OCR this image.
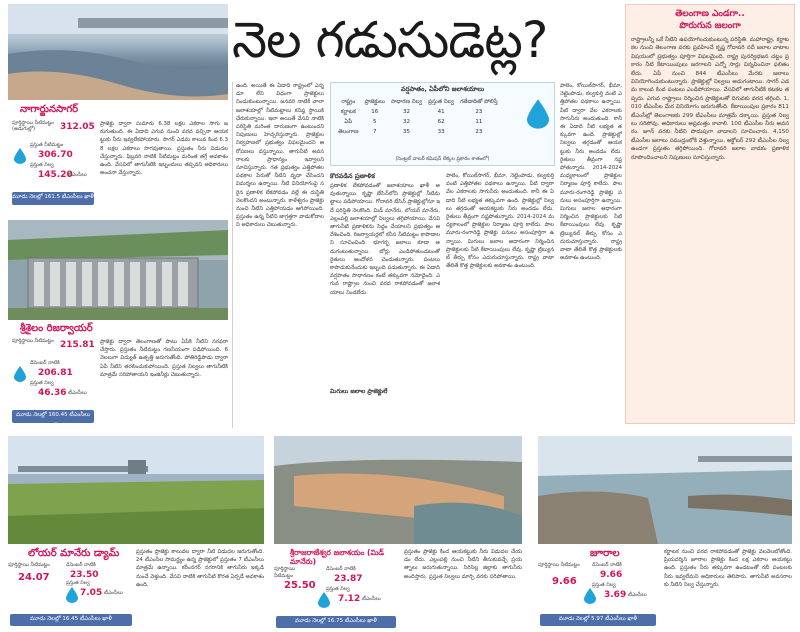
నెల గడుసుడెట్ల?	తెలంగాణ ఎండగా..
పొరుగున జలంగా
రాష్ట్రాలన్నీ ఒకే నీటిని ఉపయోగించుకుంటున్న పరిస్థితి. మహారాష్ట్ర, కర్ణాటకల నుంచి తెలంగాణ వరకు ప్రవహించే కృష్ణ గోదావరి నదీ జలాల వాటాల విషయంలో ప్రభుత్వం పూర్తిగా విఫలమైంది. రాష్ట్ర పునర్విభజన చట్టం ప్రకారం నీటి కేటాయింపులు జరగాలని ఎన్నో సార్లు విన్నవించినా ఫలితం లేదు. ఏపీ నుంచి 844 టీఎంసీలు మేరకు జలాలు వినియోగించుకుంటున్నారు. ప్రాజెక్టుల్లో నిల్వలు అడుగంటాయి. సాగర్ ఎడమ కాలువ కింద పంటలు ఎండిపోయాయి. వేసవిలో తాగునీటికి కటకట తప్పదు. ఎగువ రాష్ట్రాలు నిర్మించిన ప్రాజెక్టులతో దిగువకు వరద తగ్గింది. 1,010 టీఎంసీల మేర వినియోగం జరుగుతోంది. కేటాయింపుల ప్రకారం 811 టీఎంసీల్లో తెలంగాణకు 299 టీఎంసీలు మాత్రమే దక్కాయి. ప్రస్తుత నిల్వలు సరిపోవు. అధికారులు అప్రమత్తం కావాలి. 100 టీఎంసీల నీరు అవసరం. జూన్ వరకు నీటిని పొదుపుగా వాడాలని సూచించారు. 4,150 టీఎంసీల జలాలు సముద్రంలోకి వెళ్తున్నాయి. అక్టోబర్ 292 టీఎంసీల నిల్వ ఉండగా ప్రస్తుతం తగ్గిపోయింది. గోదావరి జలాల వాడకం ప్రణాళిక రూపొందించాలని నిపుణులు సూచిస్తున్నారు.
నాగార్జునసాగర్
శ్రీశైలం రిజర్వాయర్
పూర్తిస్థాయి నీటిమట్టం (అడుగుల్లో)	312.05
ప్రస్తుత నీటిమట్టం
306.70
ప్రస్తుత నిల్వ
145.20
టీఎంసీలు
మూడు నెలల్లో 161.5 టీఎంసీలు ఖాళీ
పూర్తిస్థాయి నీటిమట్టం 215.81
డిసెంబర్ నాటికి
206.81
ప్రస్తుత నిల్వ
46.36 టీఎంసీలు
మూడు నెలల్లో 160.45 టీఎంసీలు ఖాళీ
ప్రాజెక్టు ద్వారా సుమారు 6.38 లక్షల ఎకరాల సాగు జరుగుతుంది. ఈ ఏడాది ఎగువ నుంచి వరద వచ్చినా ఆయకట్టుకు నీరు ఇవ్వలేకపోయారు. సాగర్ ఎడమ కాలువ కింద 6.38 లక్షల ఎకరాలు సాగవుతాయి. ప్రస్తుతం నీరు విడుదల చేస్తున్నారు. ఫిబ్రవరి నాటికి నీటిమట్టం మరింత తగ్గే అవకాశం ఉంది. వేసవిలో తాగునీటికి ఇబ్బందులు తప్పవని అధికారులు అంచనా వేస్తున్నారు.
ప్రాజెక్టు ద్వారా తెలంగాణతో పాటు ఏపీకి నీటిని సరఫరా చేస్తారు. ప్రస్తుతం నీటిమట్టం గణనీయంగా పడిపోయింది. 6 నెలలుగా విద్యుత్ ఉత్పత్తి జరుగుతోంది. పోతిరెడ్డిపాడు ద్వారా ఏపీ నీటిని తరలించుకుపోయింది. ప్రస్తుత నిల్వలు తాగునీటికి మాత్రమే సరిపోతాయని ఇంజినీర్లు చెబుతున్నారు.
ఉంది. అయితే ఈ ఏడాది రాష్ట్రంలో ఎన్నడూ లేని విధంగా ప్రాజెక్టులు నిండుకుంటున్నాయి. జనవరి నాటికే చాలా జలాశయాల్లో నీటిమట్టాలు కనిష్ఠ స్థాయికి చేరుకున్నాయి. ఇలా అయితే వేసవి నాటికి పరిస్థితి మరింత దారుణంగా ఉంటుందని నిపుణులు హెచ్చరిస్తున్నారు. ప్రాజెక్టుల నిర్వహణలో ప్రభుత్వం విఫలమైందని ఆరోపణలు వస్తున్నాయి. తాగునీటి అవసరాలకు ప్రాధాన్యం ఇవ్వాలని సూచిస్తున్నారు. గత ప్రభుత్వం ఎత్తిపోతల పథకాల పేరుతో నీటిని వృథా చేసిందని విమర్శలు ఉన్నాయి. నీటి వినియోగంపై సరైన ప్రణాళిక లేకపోవడం వల్లే ఈ దుస్థితి నెలకొందని అంటున్నారు. కాళేశ్వరం ప్రాజెక్టు నుంచి నీటిని ఎత్తిపోయడం ఆగిపోయింది. ప్రస్తుతం ఉన్న నీటిని జాగ్రత్తగా వాడుకోవాలని అధికారులు చెబుతున్నారు.
వర్షపాతం, ఏపీలోని జలాశయాలు
రాష్ట్రం	ప్రాజెక్టులు	సాధారణ నిల్వ	ప్రస్తుత నిల్వ	గతేడాదితో పోలిస్తే
కర్ణాటక	16	32	41	23
ఏపీ	5	32	62	11
తెలంగాణ	7	35	33	23
(సెంట్రల్ వాటర్ కమిషన్ లెక్కల ప్రకారం శాతంలో)
కొరవడిన ప్రణాళిక
ప్రణాళిక లేకపోవడంతో జలాశయాలు ఖాళీ అవుతున్నాయి. కృష్ణా బేసిన్‌లోని ప్రాజెక్టుల్లో నీటిమట్టాలు పడిపోయాయి. గోదావరి బేసిన్ ప్రాజెక్టుల్లోనూ ఇదే పరిస్థితి నెలకొంది. మిడ్ మానేరు, లోయర్ మానేరు, ఎల్లంపల్లి జలాశయాల్లో నిల్వలు తగ్గిపోయాయి. వేసవి తాగునీటి ప్రణాళికను సిద్ధం చేయాలని ప్రభుత్వం ఆదేశించింది. రిజర్వాయర్లలో కనీస నీటిమట్టం కాపాడాలని సూచించింది. భూగర్భ జలాలు కూడా అడుగంటుతున్నాయి. బోర్లు ఎండిపోతుండటంతో రైతులు ఆందోళన చెందుతున్నారు. పంటలు కాపాడుకునేందుకు ఇబ్బంది పడుతున్నారు. ఈ ఏడాది వర్షపాతం సాధారణం కంటే తక్కువగా నమోదైంది. ఎగువ రాష్ట్రాల నుంచి వరద రాకపోవడంతో జలాశయాలు నిండలేదు.
పాలెం, కోయిల్‌సాగర్, భీమా, నెట్టెంపాడు, కల్వకుర్తి వంటి ఎత్తిపోతల పథకాలు ఉన్నాయి. వీటి ద్వారా వేల ఎకరాలకు సాగునీరు అందుతుంది. కానీ ఈ ఏడాది నీటి లభ్యత తక్కువగా ఉంది. ప్రాజెక్టుల్లో నిల్వలు తగ్గడంతో ఆయకట్టుకు నీరు అందడం లేదు. రైతులు తీవ్రంగా నష్టపోతున్నారు. 2014-2024 మధ్యకాలంలో ప్రాజెక్టుల నిర్మాణం పూర్తి కాలేదు. పాలమూరు-రంగారెడ్డి ప్రాజెక్టు పనులు అసంపూర్తిగా ఉన్నాయి. మిగులు జలాల ఆధారంగా నిర్మించిన ప్రాజెక్టులకు నీటి కేటాయింపులు లేవు. కృష్ణా ట్రిబ్యునల్ తీర్పు కోసం ఎదురుచూస్తున్నారు. రాష్ట్ర వాటా తేలితే కొత్త ప్రాజెక్టులకు అవకాశం ఉంటుంది.
మిగులు జలాల ప్రాజెక్టులే
పాలెం, కోయిల్‌సాగర్, భీమా, నెట్టెంపాడు, కల్వకుర్తి వంటి ఎత్తిపోతల పథకాలు ఉన్నాయి. వీటి ద్వారా వేల ఎకరాలకు సాగునీరు అందుతుంది. కానీ ఈ ఏడాది నీటి లభ్యత తక్కువగా ఉంది. ప్రాజెక్టుల్లో నిల్వలు తగ్గడంతో ఆయకట్టుకు నీరు అందడం లేదు. రైతులు తీవ్రంగా నష్టపోతున్నారు. 2014-2024 మధ్యకాలంలో ప్రాజెక్టుల నిర్మాణం పూర్తి కాలేదు. పాలమూరు-రంగారెడ్డి ప్రాజెక్టు పనులు అసంపూర్తిగా ఉన్నాయి. మిగులు జలాల ఆధారంగా నిర్మించిన ప్రాజెక్టులకు నీటి కేటాయింపులు లేవు. కృష్ణా ట్రిబ్యునల్ తీర్పు కోసం ఎదురుచూస్తున్నారు. రాష్ట్ర వాటా తేలితే కొత్త ప్రాజెక్టులకు అవకాశం ఉంటుంది.
లోయర్ మానేరు డ్యామ్
పూర్తిస్థాయి నీటిమట్టం
24.07
డిసెంబర్ నాటికి
23.50
ప్రస్తుత నిల్వ
7.05 టీఎంసీలు
మూడు నెలల్లో 16.45 టీఎంసీలు ఖాళీ
ప్రస్తుతం ప్రాజెక్టు కాలువల ద్వారా నీటి విడుదల జరుగుతోంది. 24 టీఎంసీల సామర్థ్యం ఉన్న ప్రాజెక్టులో ప్రస్తుతం 7 టీఎంసీలు మాత్రమే ఉన్నాయి. కరీంనగర్ నగరానికి తాగునీరు ఇక్కడి నుంచే వెళ్తుంది. వేసవి నాటికి తాగునీటి కొరత ఏర్పడే అవకాశం ఉంది.
శ్రీరాజరాజేశ్వర జలాశయం (మిడ్ మానేరు)
పూర్తిస్థాయి నీటిమట్టం
25.50
డిసెంబర్ నాటికి
23.87
ప్రస్తుత నిల్వ
7.12 టీఎంసీలు
మూడు నెలల్లో 16.75 టీఎంసీలు ఖాళీ
ప్రస్తుతం ప్రాజెక్టు కింద ఆయకట్టుకు నీరు విడుదల చేయడం లేదు. ఎల్లంపల్లి నుంచి నీటిని తీసుకువచ్చే ప్రయత్నాలు జరుగుతున్నాయి. సిరిసిల్ల జిల్లాకు తాగునీరు అందిస్తారు. ప్రస్తుత నిల్వలు మార్చి వరకు సరిపోతాయి.
జూరాల
పూర్తిస్థాయి నీటిమట్టం
9.66
డిసెంబర్ నాటికి
9.66
ప్రస్తుత నిల్వ
3.69 టీఎంసీలు
మూడు నెలల్లో 5.97 టీఎంసీలు ఖాళీ
కర్ణాటక నుంచి వరద రాకపోవడంతో ప్రాజెక్టు వెలవెలబోతోంది. ప్రియదర్శిని జూరాల ప్రాజెక్టు కింద లక్ష ఎకరాల ఆయకట్టు ఉంది. ప్రస్తుతం నీరు తక్కువగా ఉండటంతో రబీ పంటలకు నీరు ఇవ్వలేమని అధికారులు తెలిపారు. తాగునీటి అవసరాలకు నీటిని నిల్వ చేస్తున్నారు.
